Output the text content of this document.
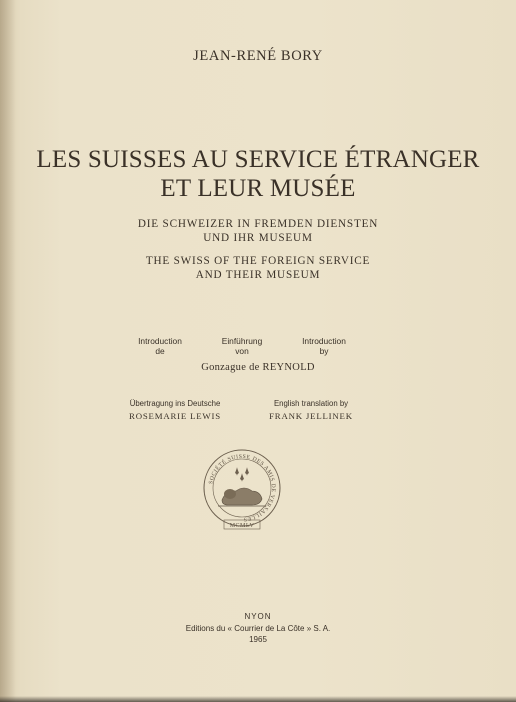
JEAN-RENÉ BORY
LES SUISSES AU SERVICE ÉTRANGER
ET LEUR MUSÉE
DIE SCHWEIZER IN FREMDEN DIENSTEN
UND IHR MUSEUM
THE SWISS OF THE FOREIGN SERVICE
AND THEIR MUSEUM
Introduction
de
Einführung
von
Introduction
by
Gonzague de REYNOLD
Übertragung ins Deutsche
ROSEMARIE LEWIS
English translation by
FRANK JELLINEK
SOCIÉTÉ SUISSE DES AMIS DE VERSAILLES
MCMLV
NYON
Editions du « Courrier de La Côte » S. A.
1965
